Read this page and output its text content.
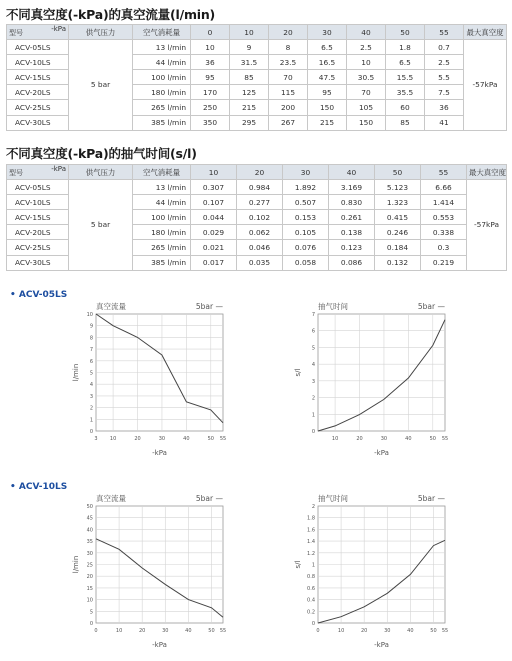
不同真空度(-kPa)的真空流量(l/min)
型号
-kPa	供气压力	空气消耗量	0	10	20	30	40	50	55	最大真空度
ACV-05LS	5 bar	13 l/min	10	9	8	6.5	2.5	1.8	0.7	-57kPa
ACV-10LS		44 l/min	36	31.5	23.5	16.5	10	6.5	2.5	
ACV-15LS		100 l/min	95	85	70	47.5	30.5	15.5	5.5	
ACV-20LS		180 l/min	170	125	115	95	70	35.5	7.5	
ACV-25LS		265 l/min	250	215	200	150	105	60	36	
ACV-30LS		385 l/min	350	295	267	215	150	85	41	
不同真空度(-kPa)的抽气时间(s/l)
型号
-kPa	供气压力	空气消耗量	10	20	30	40	50	55	最大真空度
ACV-05LS	5 bar	13 l/min	0.307	0.984	1.892	3.169	5.123	6.66	-57kPa
ACV-10LS		44 l/min	0.107	0.277	0.507	0.830	1.323	1.414	
ACV-15LS		100 l/min	0.044	0.102	0.153	0.261	0.415	0.553	
ACV-20LS		180 l/min	0.029	0.062	0.105	0.138	0.246	0.338	
ACV-25LS		265 l/min	0.021	0.046	0.076	0.123	0.184	0.3	
ACV-30LS		385 l/min	0.017	0.035	0.058	0.086	0.132	0.219	
• ACV-05LS
• ACV-10LS
真空流量	5bar —
0
1
2
3
4
5
6
7
8
9
10
3 10	20	30	40	50 55
-kPa
l/min
抽气时间	5bar —
0
1
2
3
4
5
6
7
10	20	30	40	50 55
-kPa
s/l
真空流量	5bar —
0
5
10
15
20
25
30
35
40
45
50
0	10	20	30	40	50 55
-kPa
l/min
抽气时间	5bar —
0
0.2
0.4
0.6
0.8
1
1.2
1.4
1.6
1.8
2
0	10	20	30	40	50 55
-kPa
s/l
